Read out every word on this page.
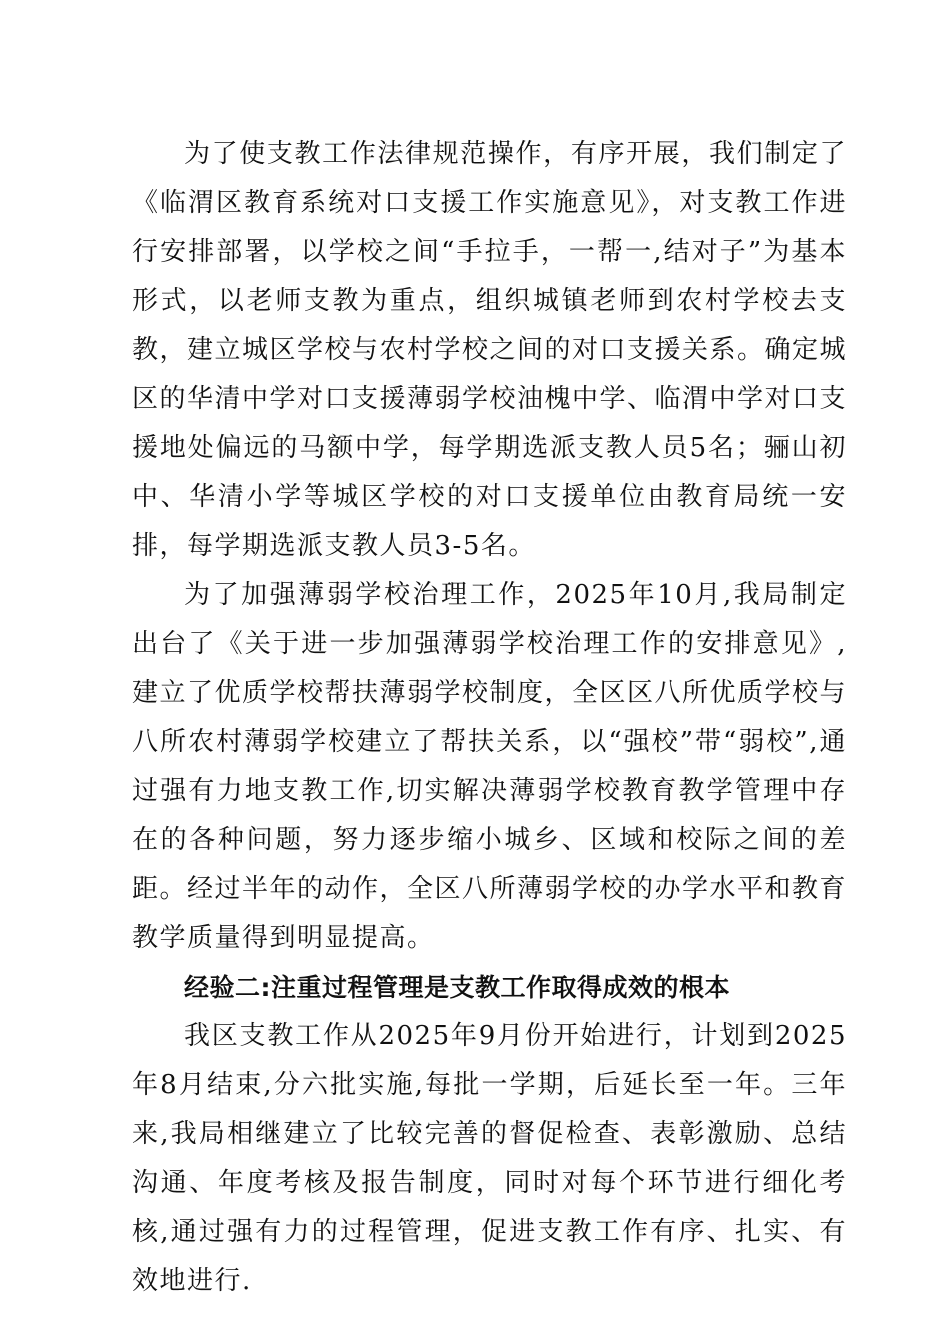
为了使支教工作法律规范操作，有序开展，我们制定了《临渭区教育系统对口支援工作实施意见》，对支教工作进行安排部署，以学校之间“手拉手，一帮一,结对子”为基本形式，以老师支教为重点，组织城镇老师到农村学校去支教，建立城区学校与农村学校之间的对口支援关系。确定城区的华清中学对口支援薄弱学校油槐中学、临渭中学对口支援地处偏远的马额中学，每学期选派支教人员5名；骊山初中、华清小学等城区学校的对口支援单位由教育局统一安排，每学期选派支教人员3-5名。

为了加强薄弱学校治理工作，2025年10月,我局制定出台了《关于进一步加强薄弱学校治理工作的安排意见》,建立了优质学校帮扶薄弱学校制度，全区区八所优质学校与八所农村薄弱学校建立了帮扶关系，以“强校”带“弱校”,通过强有力地支教工作,切实解决薄弱学校教育教学管理中存在的各种问题，努力逐步缩小城乡、区域和校际之间的差距。经过半年的动作，全区八所薄弱学校的办学水平和教育教学质量得到明显提高。

经验二:注重过程管理是支教工作取得成效的根本

我区支教工作从2025年9月份开始进行，计划到2025年8月结束,分六批实施,每批一学期，后延长至一年。三年来,我局相继建立了比较完善的督促检查、表彰激励、总结沟通、年度考核及报告制度，同时对每个环节进行细化考核,通过强有力的过程管理，促进支教工作有序、扎实、有效地进行.
